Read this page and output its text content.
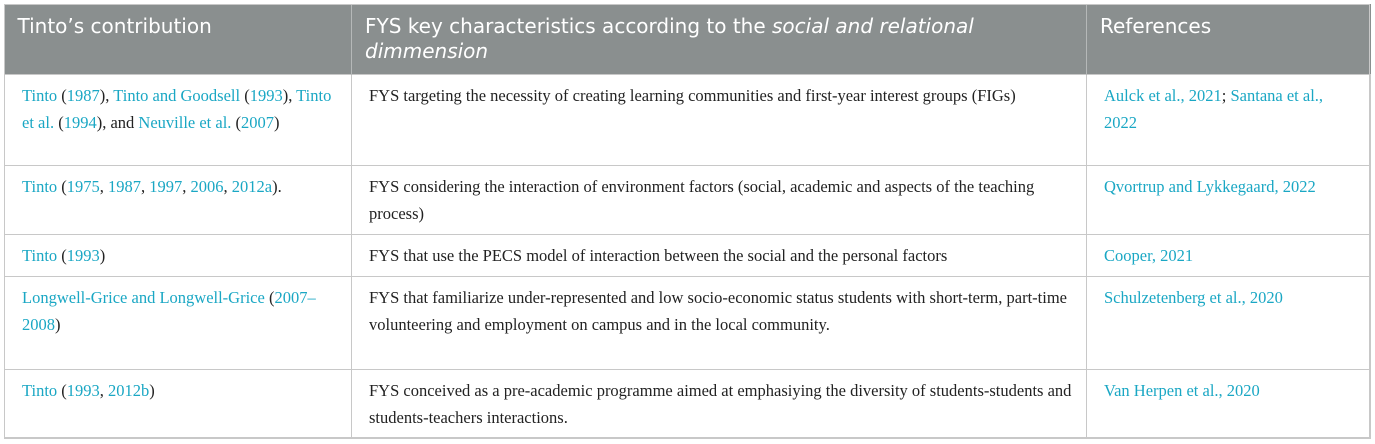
Tinto’s contribution	FYS key characteristics according to the social and relational dimmension	References
Tinto (1987), Tinto and Goodsell (1993), Tinto et al. (1994), and Neuville et al. (2007)	FYS targeting the necessity of creating learning communities and first-year interest groups (FIGs)	Aulck et al., 2021; Santana et al., 2022
Tinto (1975, 1987, 1997, 2006, 2012a).	FYS considering the interaction of environment factors (social, academic and aspects of the teaching process)	Qvortrup and Lykkegaard, 2022
Tinto (1993)	FYS that use the PECS model of interaction between the social and the personal factors	Cooper, 2021
Longwell-Grice and Longwell-Grice (2007–2008)	FYS that familiarize under-represented and low socio-economic status students with short-term, part-time volunteering and employment on campus and in the local community.	Schulzetenberg et al., 2020
Tinto (1993, 2012b)	FYS conceived as a pre-academic programme aimed at emphasiying the diversity of students-students and students-teachers interactions.	Van Herpen et al., 2020
